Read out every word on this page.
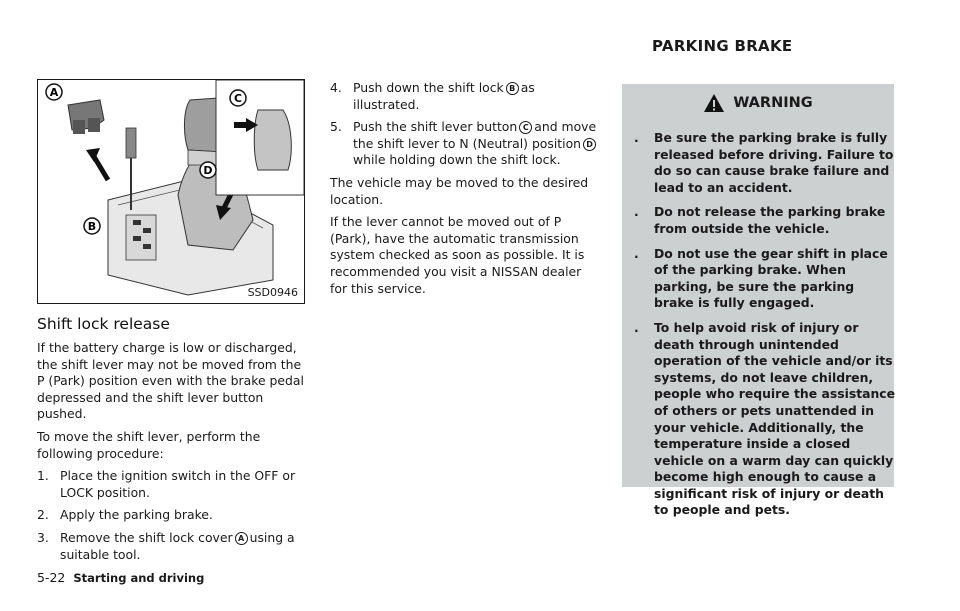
A
B
C
D
SSD0946
Shift lock release

If the battery charge is low or discharged, the shift lever may not be moved from the P (Park) position even with the brake pedal depressed and the shift lever button pushed.

To move the shift lever, perform the following procedure:

1. Place the ignition switch in the OFF or LOCK position.
2. Apply the parking brake.
3. Remove the shift lock cover A using a suitable tool.
4. Push down the shift lock B as illustrated.
5. Push the shift lever button C and move the shift lever to N (Neutral) position Dwhile holding down the shift lock.

The vehicle may be moved to the desired location.

If the lever cannot be moved out of P (Park), have the automatic transmission system checked as soon as possible. It is recommended you visit a NISSAN dealer for this service.

PARKING BRAKE
WARNING
. Be sure the parking brake is fully released before driving. Failure to do so can cause brake failure and lead to an accident.
. Do not release the parking brake from outside the vehicle.
. Do not use the gear shift in place of the parking brake. When parking, be sure the parking brake is fully engaged.
. To help avoid risk of injury or death through unintended operation of the vehicle and/or its systems, do not leave children, people who require the assistance of others or pets unattended in your vehicle. Additionally, the temperature inside a closed vehicle on a warm day can quickly become high enough to cause a significant risk of injury or death to people and pets.
5-22 Starting and driving
